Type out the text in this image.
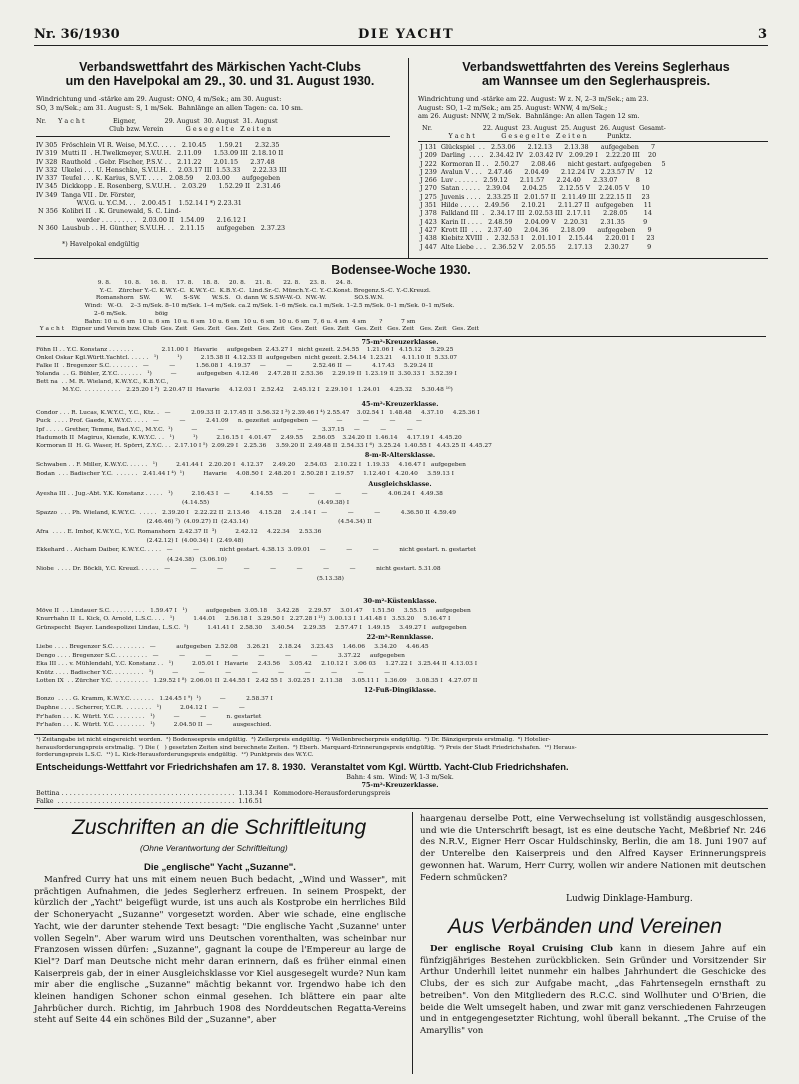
Nr. 36/1930	DIE YACHT	3
Verbandswettfahrt des Märkischen Yacht-Clubs
um den Havelpokal am 29., 30. und 31. August 1930.
Windrichtung und -stärke am 29. August: ONO, 4 m/Sek.; am 30. August:
SO, 3 m/Sek.; am 31. August: S, 1 m/Sek.  Bahnlänge an allen Tagen: ca. 10 sm.
Nr.      Y a c h t              Eigner,              29. August  30. August  31. August
Club bzw. Verein           G e s e g e l t e   Z e i t e n
IV 305  Fröschlein VI R. Weise, M.Y.C. . . . .   2.10.45      1.59.21      2.32.35
IV 319  Mutti II  . H.Twelkmeyer, S.V.U.H.   2.11.09      1.53.09 III  2.18.10 II
IV 328  Rauthold  . Gebr. Fischer, P.S.V. . .   2.11.22      2.01.15      2.37.48
IV 332  Ukelei . . . U. Henschke, S.V.U.H. .   2.03.17 III  1.53.33      2.22.33 III
IV 337  Teufel . . . K. Karius, S.V.T. . . . .   2.08.59      2.03.00      aufgegeben
IV 345  Dickkopp . E. Rosenberg, S.V.U.H. .   2.03.29      1.52.29 II   2.31.46
IV 349  Tanga VII . Dr. Förster,
W.V.G. u. Y.C.M. . .   2.00.45 I    1.52.14 I *) 2.23.31
N 356  Kolibri II  . K. Grunewald, S. C. Lind-
werder . . . . . . . . .   2.03.00 II   1.54.09      2.16.12 I
N 360  Lausbub . . H. Günther, S.V.U.H. . .   2.11.15      aufgegeben   2.37.23
*) Havelpokal endgültig
Verbandswettfahrten des Vereins Seglerhaus
am Wannsee um den Seglerhauspreis.
Windrichtung und -stärke am 22. August: W z. N, 2–3 m/Sek.; am 23.
August: SO, 1–2 m/Sek.; am 25. August: WNW, 4 m/Sek.;
am 26. August: NNW, 2 m/Sek.  Bahnlänge: An allen Tagen 12 sm.
Nr.                         22. August  23. August  25. August  26. August  Gesamt-
Y a c h t             G e s e g e l t e   Z e i t e n          Punktz.
J 131  Glückspiel  . .   2.53.06      2.12.13      2.13.38      aufgegeben      7
J 209  Darling  . . . .   2.34.42 IV   2.03.42 IV   2.09.29 I    2.22.20 III    20
J 222  Kormoran II . .   2.50.27      2.08.46      nicht gestart. aufgegeben     5
J 239  Avalun V . . .   2.47.46      2.04.49      2.12.24 IV   2.23.57 IV     12
J 266  Luv . . . . . .   2.59.12      2.11.57      2.24.40      2.33.07         8
J 270  Satan . . . . .   2.39.04      2.04.25      2.12.55 V    2.24.05 V      10
J 275  Juvenis . . . .   2.33.25 II   2.01.57 II   2.11.49 III  2.22.15 II     23
J 351  Hilde . . . . .   2.49.56      2.10.21      2.11.27 II   aufgegeben     11
J 378  Falkland III  .   2.34.17 III  2.02.53 III  2.17.11      2.28.05        14
J 423  Karin II . . . .   2.48.59      2.04.09 V    2.20.31      2.31.35         9
J 427  Krott III  . . .   2.37.40      2.04.36      2.18.09      aufgegeben      9
J 438  Kiebitz XVIII  .   2.32.53 I    2.01.10 I    2.15.44      2.20.01 I      23
J 447  Alte Liebe . . .   2.36.52 V    2.05.55      2.17.13      2.30.27         9
Bodensee-Woche 1930.
9. 8.       10. 8.     16. 8.     17. 8.     18. 8.     20. 8.     21. 8.      22. 8.     23. 8.     24. 8.
Y.-C.   Zürcher Y.-C. K.W.Y.-C.  K.W.Y.-C.  K.B.Y.-C.  Lind.Sr.-C. Münch.Y.-C. Y.-C.Konst. Bregenz.S.-C. Y.-C.Kreuzl.
Romanshorn   SW.        W.      S-SW.      W.S.S.   O. dann W. S.SW-W.-O.  NW.-W.               SO.S.W.N.
Wind:   W.-O.    2–3 m/Sek. 8–10 m/Sek. 1–4 m/Sek. ca.2 m/Sek. 1–6 m/Sek. ca.1 m/Sek. 1–2.5 m/Sek. 0–1 m/Sek. 0–1 m/Sek.
2–6 m/Sek.               böig
Bahn: 10 u. 6 sm  10 u. 6 sm  10 u. 6 sm  10 u. 6 sm  10 u. 6 sm  10 u. 6 sm  7, 6 u. 4 sm  4 sm       ?          7 sm
Y a c h t    Eigner und Verein bzw. Club  Ges. Zeit   Ges. Zeit   Ges. Zeit   Ges. Zeit   Ges. Zeit   Ges. Zeit   Ges. Zeit   Ges. Zeit   Ges. Zeit   Ges. Zeit
75-m²-Kreuzerklasse.
Föhn II . . Y.C. Konstanz . . . . . . .               2.11.00 I   Havarie     aufgegeben  2.43.27 I   nicht gezeit. 2.54.55    1.21.06 I   4.15.12     5.29.25
Onkel Oskar Kgl.Württ.Yachtcl. . . . . .   ¹)          ¹)          2.15.38 II  4.12.33 II  aufgegeben  nicht gezeit. 2.54.14  1.23.21     4.11.10 II  5.33.07
Falke II  . Bregenzer S.C. . . . . . . .   —           —           1.56.08 I   4.19.37     —           —           2.52.46 II  —           4.17.43     5.29.24 II
Yolanda  . . G. Bühler, Z.Y.C. . . . . . .   ¹)          —           aufgegeben  4.12.46     2.47.28 II  2.53.36     2.29.19 II  1.23.19 II  3.30.33 I   3.52.39 I
Bett na  . . M. R. Wieland, K.W.Y.C., K.B.Y.C.,
M.Y.C.  . . . . . . . . . .   2.25.20 I ²)  2.20.47 II  Havarie     4.12.03 I   2.52.42     2.45.12 I   2.29.10 I   1.24.01     4.25.32     5.30.48 ¹⁰)
45-m²-Kreuzerklasse.
Condor . . . R. Lucas, K.W.Y.C., Y.C., Ktz. .   —           2.09.33 II  2.17.45 II  3.56.32 I ³) 2.39.46 I ⁴) 2.55.47    3.02.54 I   1.48.48     4.37.10     4.25.36 I
Puck  . . . . Prof. Gaede, K.W.Y.C. . . . .   —           —           2.41.09     n. gezeitet  aufgegeben  —          —           —           —           —
Ipf . . . . . Grether, Temme, Bad.Y.C., M.Y.C.  ¹)          —           —           —           —           —          3.37.15     —           —           —
Hadumoth II  Magirus, Kienzle, K.W.Y.C. . .   ¹)          ¹)          2.16.15 I   4.01.47     2.49.55     2.56.05    3.24.20 II  1.46.14     4.17.19 I   4.45.20
Kormoran II  H. G. Waser, H. Spörri, Z.Y.C. . .  2.17.10 I ⁵)  2.09.29 I   2.25.36     3.59.20 II  2.49.48 II  2.54.33 I ⁶)  3.25.24  1.40.55 I   4.43.25 II  4.45.27
8-m-R-Altersklasse.
Schwaben . . F. Miller, K.W.Y.C. . . . . .   ¹)          2.41.44 I   2.20.20 I   4.12.37     2.49.20     2.54.03    2.10.22 I   1.19.33     4.16.47 I   aufgegeben
Bodan  . . . Badischer Y.C.  . . . . . .   2.41.44 I ⁴)  ¹)          Havarie     4.08.50 I   2.48.20 I   2.50.28 I  2.19.57     1.12.40 I   4.20.40     3.59.13 I
Ausgleichsklasse.
Ayesha III . . Jug.-Abt. Y.K. Konstanz . . . . .   ¹)          2.16.43 I   —           4.14.55     —           —           —           —           4.06.24 I   4.49.38
(4.14.55)                                                          (4.49.38) I
Spazzo  . . . Ph. Wieland, K.W.Y.C.  . . . . .   2.39.20 I   2.22.22 II  2.13.46     4.15.28     2.4 .14 I   —           —           —           4.36.50 II  4.59.49
(2.46.46) ⁷)  (4.09.27) II  (2.43.14)                                                (4.54.34) II
Afra  . . . . E. Imhof, K.W.Y.C., Y.C. Romanshorn  2.42.37 II  ³)          2.42.12     4.22.34     2.53.36
(2.42.12) I  (4.00.34) I  (2.49.48)
Ekkehard . . Aicham Daiber, K.W.Y.C. . . . .   —           —           nicht gestart. 4.38.13  3.09.01     —           —           —           nicht gestart. n. gestartet
(4.24.38)   (3.06.10)
Niobe  . . . . Dr. Böckli, Y.C. Kreuzl. . . . . .   —           —           —           —           —           —           —           —           nicht gestart. 5.31.08
(5.13.38)
30-m²-Küstenklasse.
Möve II  . . Lindauer S.C. . . . . . . . . .   1.59.47 I   ¹)          aufgegeben  3.05.18     3.42.28     2.29.57     3.01.47     1.51.50     3.55.15     aufgegeben
Knurrhahn II  L. Kick, O. Arnold, L.S.C. . . .   ¹)          1.44.01     2.56.18 I   3.29.50 I   2.27.28 I ¹¹)  3.00.13 I  1.41.48 I   3.53.20     5.16.47 I
Grünspecht  Bayer. Landespolizei Lindau, L.S.C.  ¹)          1.41.41 I   2.58.30     3.40.54     2.29.35     2.57.47 I   1.49.15     3.49.27 I   aufgegeben
22-m²-Rennklasse.
Liebe . . . . Bregenzer S.C. . . . . . . . .   —           aufgegeben  2.52.08     3.26.21     2.18.24     3.23.43     1.46.06     3.34.20     4.46.45
Dengo . . . . Bregenzer S.C. . . . . . . . .   —           —           —           —           —           —           —           3.37.22     aufgegeben
Eka III . . . v. Mühlendahl, Y.C. Konstanz . .   ¹)          2.05.01 I   Havarie     2.43.56     3.05.42     2.10.12 I   3.06 03     1.27.22 I   3.25.44 II  4.13.03 I
Knütz . . . . Badischer Y.C. . . . . . . . .   ¹)          —           —           —           —           —           —           —           —           —
Lotten IX  . . Zürcher Y.C.  . . . . . . . . .   1.29.52 I ⁸)  2.06.01 II  2.44.55 I   2.42 55 I   3.02.25 I   2.11.38     3.05.11 I   1.36.09     3.08.35 I   4.27.07 II
12-Fuß-Dingiklasse.
Bonzo  . . . . G. Kramm, K.W.Y.C. . . . . . .   1.24.45 I ⁹)  ¹)          —           2.58.37 I
Daphne . . . . Scherrer, Y.C.R.  . . . . . . .   ¹)          2.04.12 I   —           —
Fr'hafen . . . K. Württ. Y.C. . . . . . . . .   ¹)          —           —           n. gestartet
Fr'hafen . . . K. Württ. Y.C. . . . . . . . .   ¹)          2.04.50 II  —           ausgeschied.
¹) Zeitangabe ist nicht eingereicht worden.  ²) Bodenseepreis endgültig.  ³) Zellerpreis endgültig.  ⁴) Wellenbrecherpreis endgültig.  ⁵) Dr. Bänzigerpreis erstmalig.  ⁶) Hotelier-
herausforderungspreis erstmalig.  ⁷) Die (   ) gesetzten Zeiten sind berechnete Zeiten.  ⁸) Eberh. Marquard-Erinnerungspreis endgültig.  ⁹) Preis der Stadt Friedrichshafen.  ¹⁰) Heraus-
forderungspreis L.S.C.  ¹¹) L. Kick-Herausforderungspreis endgültig.  ¹²) Punktpreis des W.Y.C.
Entscheidungs-Wettfahrt vor Friedrichshafen am 17. 8. 1930.  Veranstaltet vom Kgl. Württb. Yacht-Club Friedrichshafen.
Bahn: 4 sm.  Wind: W, 1-3 m/Sek.
75-m²-Kreuzerklasse.
Bettina . . . . . . . . . . . . . . . . . . . . . . . . . . . . . . . . . . . . . . . . . . .  1.13.34 I   Kommodore-Herausforderungspreis
Falke  . . . . . . . . . . . . . . . . . . . . . . . . . . . . . . . . . . . . . . . . . . . .  1.16.51
Zuschriften an die Schriftleitung
(Ohne Verantwortung der Schriftleitung)
Die „englische" Yacht „Suzanne".

Manfred Curry hat uns mit einem neuen Buch bedacht, „Wind und Wasser", mit prächtigen Aufnahmen, die jedes Seglerherz erfreuen. In seinem Prospekt, der kürzlich der „Yacht" beigefügt wurde, ist uns auch als Kostprobe ein herrliches Bild der Schoneryacht „Suzanne" vorgesetzt worden. Aber wie schade, eine englische Yacht, wie der darunter stehende Text besagt: "Die englische Yacht ‚Suzanne' unter vollen Segeln". Aber warum wird uns Deutschen vorenthalten, was scheinbar nur Franzosen wissen dürfen: „Suzanne", gagnant la coupe de l'Empereur au large de Kiel"? Darf man Deutsche nicht mehr daran erinnern, daß es früher einmal einen Kaiserpreis gab, der in einer Ausgleichsklasse vor Kiel ausgesegelt wurde? Nun kam mir aber die englische „Suzanne" mächtig bekannt vor. Irgendwo habe ich den kleinen handigen Schoner schon einmal gesehen. Ich blättere ein paar alte Jahrbücher durch. Richtig, im Jahrbuch 1908 des Norddeutschen Regatta-Vereins steht auf Seite 44 ein schönes Bild der „Suzanne", aber

haargenau derselbe Pott, eine Verwechselung ist vollständig ausgeschlossen, und wie die Unterschrift besagt, ist es eine deutsche Yacht, Meßbrief Nr. 246 des N.R.V., Eigner Herr Oscar Huldschinsky, Berlin, die am 18. Juni 1907 auf der Unterelbe den Kaiserpreis und den Alfred Kayser Erinnerungspreis gewonnen hat. Warum, Herr Curry, wollen wir andere Nationen mit deutschen Federn schmücken?

Ludwig Dinklage-Hamburg.
Aus Verbänden und Vereinen

Der englische Royal Cruising Club kann in diesem Jahre auf ein fünfzigjähriges Bestehen zurückblicken. Sein Gründer und Vorsitzender Sir Arthur Underhill leitet nunmehr ein halbes Jahrhundert die Geschicke des Clubs, der es sich zur Aufgabe macht, „das Fahrtensegeln ernsthaft zu betreiben". Von den Mitgliedern des R.C.C. sind Wollhuter und O'Brien, die beide die Welt umsegelt haben, und zwar mit ganz verschiedenen Fahrzeugen und in entgegengesetzter Richtung, wohl überall bekannt. „The Cruise of the Amaryllis" von
